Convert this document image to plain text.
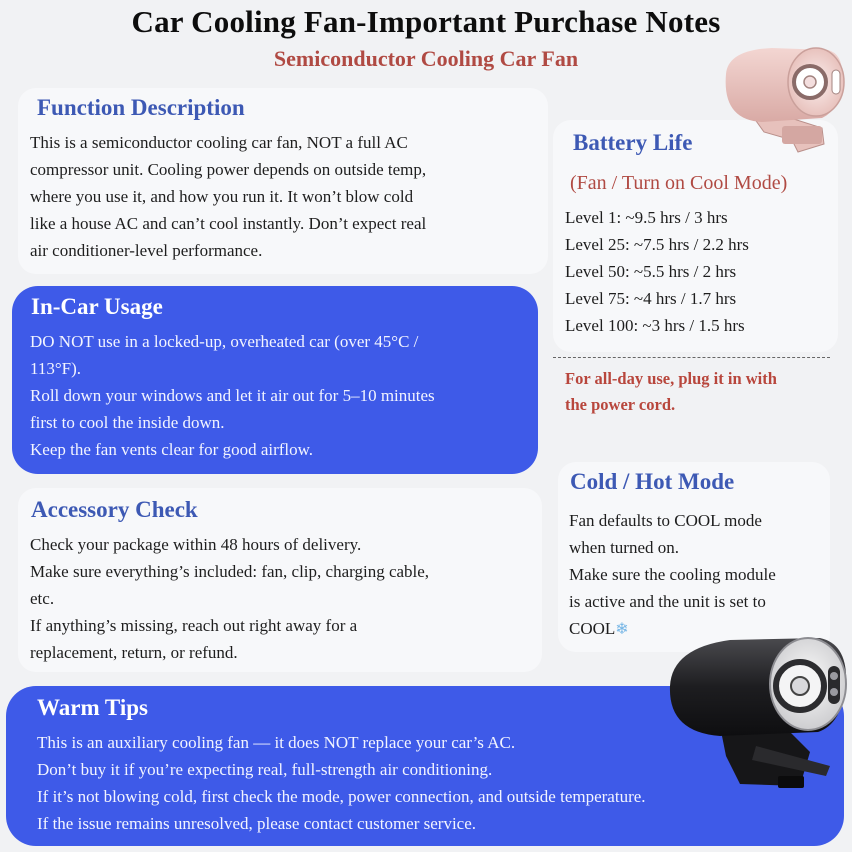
Car Cooling Fan-Important Purchase Notes
Semiconductor Cooling Car Fan
Function Description
This is a semiconductor cooling car fan, NOT a full AC
compressor unit. Cooling power depends on outside temp,
where you use it, and how you run it. It won’t blow cold
like a house AC and can’t cool instantly. Don’t expect real
air conditioner-level performance.
In-Car Usage
DO NOT use in a locked-up, overheated car (over 45°C /
113°F).
Roll down your windows and let it air out for 5–10 minutes
first to cool the inside down.
Keep the fan vents clear for good airflow.
Accessory Check
Check your package within 48 hours of delivery.
Make sure everything’s included: fan, clip, charging cable,
etc.
If anything’s missing, reach out right away for a
replacement, return, or refund.
Battery Life
(Fan / Turn on Cool Mode)
Level 1: ~9.5 hrs / 3 hrs
Level 25: ~7.5 hrs / 2.2 hrs
Level 50: ~5.5 hrs / 2 hrs
Level 75: ~4 hrs / 1.7 hrs
Level 100: ~3 hrs / 1.5 hrs
For all-day use, plug it in with
the power cord.
Cold / Hot Mode
Fan defaults to COOL mode
when turned on.
Make sure the cooling module
is active and the unit is set to
COOL❄
Warm Tips
This is an auxiliary cooling fan — it does NOT replace your car’s AC.
Don’t buy it if you’re expecting real, full-strength air conditioning.
If it’s not blowing cold, first check the mode, power connection, and outside temperature.
If the issue remains unresolved, please contact customer service.
